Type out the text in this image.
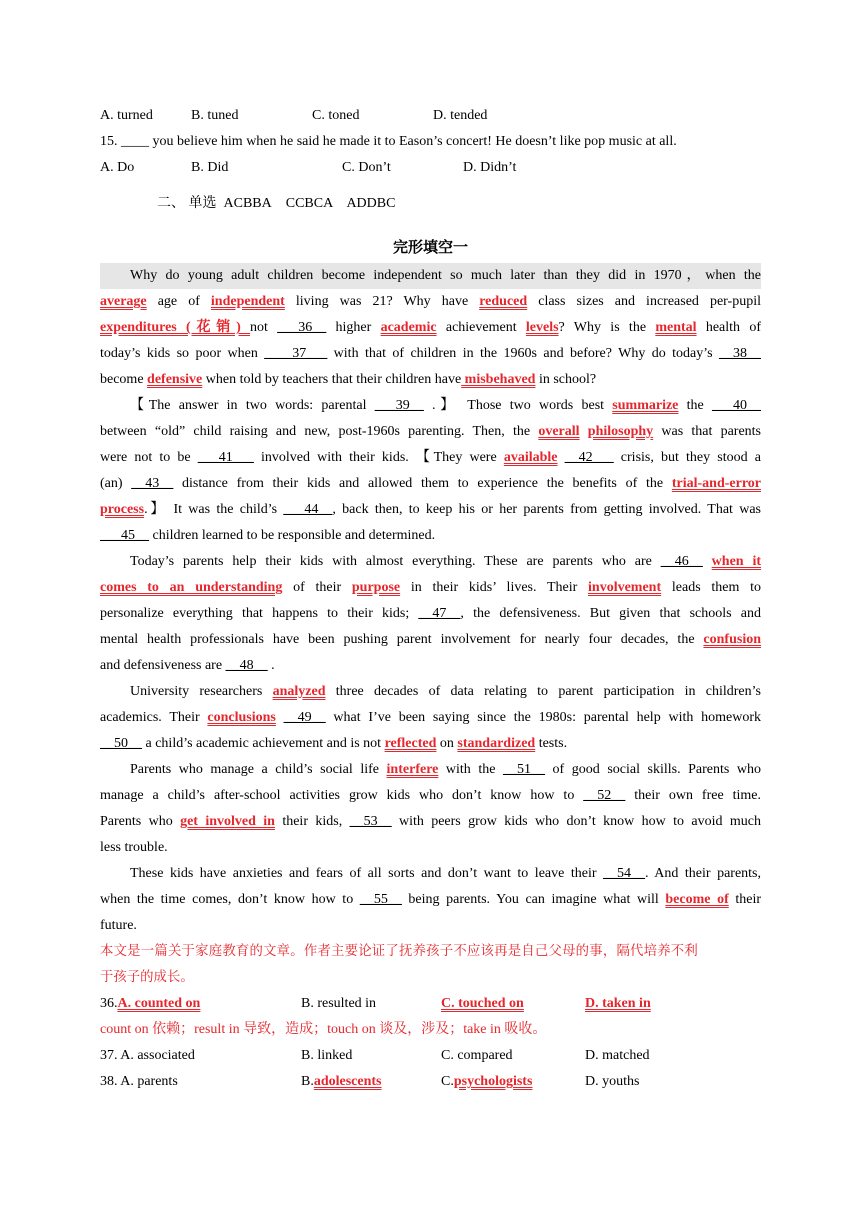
A. turned	B. tuned	C. toned	D. tended
15. ____ you believe him when he said he made it to Eason’s concert! He doesn’t like pop music at all.
A. Do	B. Did	C. Don’t	D. Didn’t
二、 单选 ACBBA CCBCA ADDBC
完形填空一
Why do young adult children become independent so much later than they did in 1970，when the
average age of independent living was 21? Why have reduced class sizes and increased per-pupil
expenditures (花销) not ___36__ higher academic achievement levels? Why is the mental health of
today’s kids so poor when ____37___ with that of children in the 1960s and before? Why do today’s __38__
become defensive when told by teachers that their children have misbehaved in school?
【The answer in two words: parental ___39__ .】 Those two words best summarize the ___40__
between “old” child raising and new, post-1960s parenting. Then, the overall philosophy was that parents
were not to be ___41___ involved with their kids. 【They were available __42___ crisis, but they stood a
(an) __43__ distance from their kids and allowed them to experience the benefits of the trial-and-error
process.】 It was the child’s ___44__, back then, to keep his or her parents from getting involved. That was
___45__ children learned to be responsible and determined.
Today’s parents help their kids with almost everything. These are parents who are __46__ when it
comes to an understanding of their purpose in their kids’ lives. Their involvement leads them to
personalize everything that happens to their kids; __47__, the defensiveness. But given that schools and
mental health professionals have been pushing parent involvement for nearly four decades, the confusion
and defensiveness are __48__ .
University researchers analyzed three decades of data relating to parent participation in children’s
academics. Their conclusions __49__ what I’ve been saying since the 1980s: parental help with homework
__50__ a child’s academic achievement and is not reflected on standardized tests.
Parents who manage a child’s social life interfere with the __51__ of good social skills. Parents who
manage a child’s after-school activities grow kids who don’t know how to __52__ their own free time.
Parents who get involved in their kids, __53__ with peers grow kids who don’t know how to avoid much
less trouble.
These kids have anxieties and fears of all sorts and don’t want to leave their __54__. And their parents,
when the time comes, don’t know how to __55__ being parents. You can imagine what will become of their
future.
本文是一篇关于家庭教育的文章。作者主要论证了抚养孩子不应该再是自己父母的事，隔代培养不利
于孩子的成长。
36.A. counted on	B. resulted in	C. touched on	D. taken in
count on 依赖；result in 导致，造成；touch on 谈及，涉及；take in 吸收。
37. A. associated	B. linked	C. compared	D. matched
38. A. parents	B.adolescents	C.psychologists	D. youths
